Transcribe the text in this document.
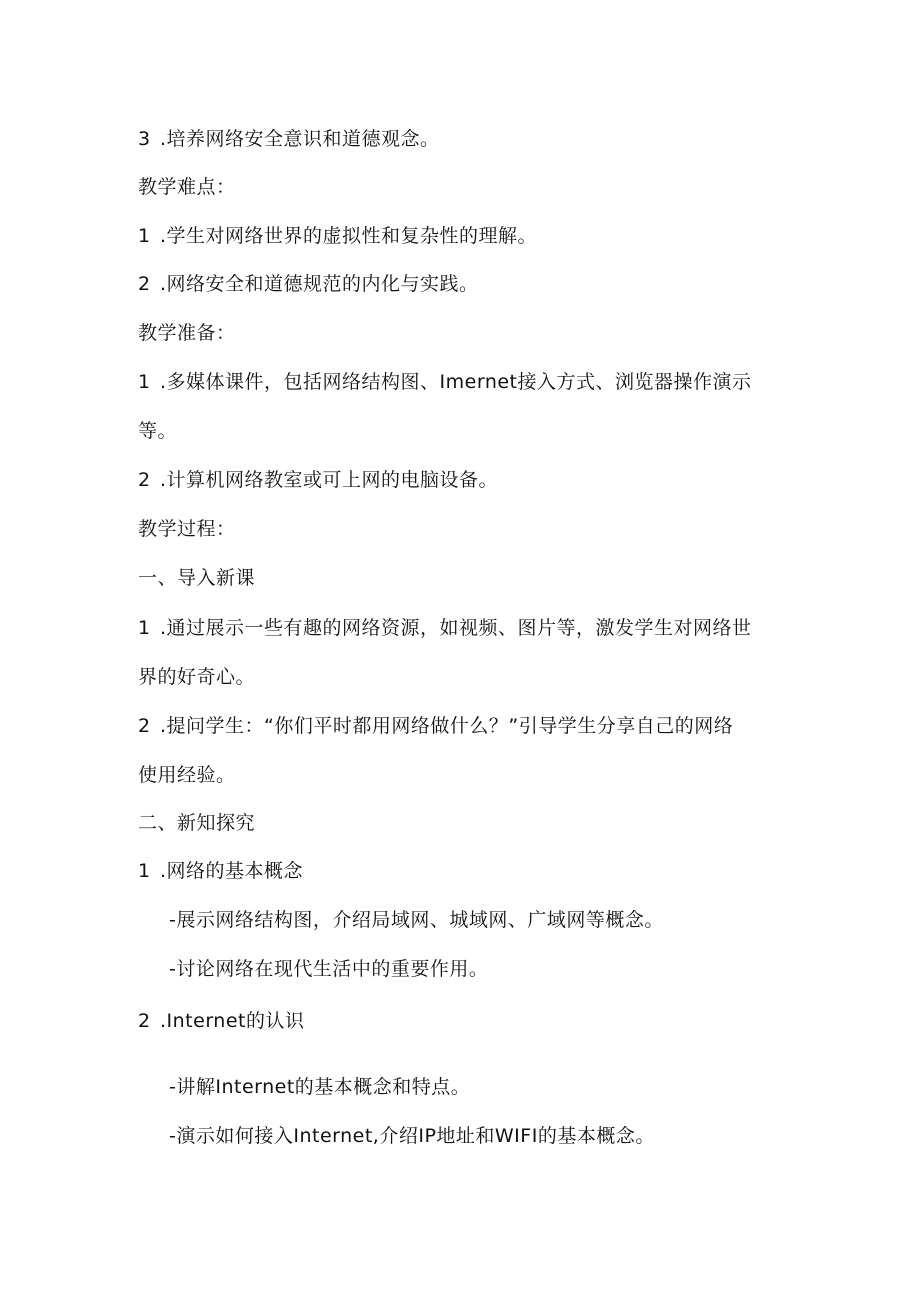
3 .培养网络安全意识和道德观念。
教学难点：
1 .学生对网络世界的虚拟性和复杂性的理解。
2 .网络安全和道德规范的内化与实践。
教学准备：
1 .多媒体课件，包括网络结构图、Imernet接入方式、浏览器操作演示
等。
2 .计算机网络教室或可上网的电脑设备。
教学过程：
一、导入新课
1 .通过展示一些有趣的网络资源，如视频、图片等，激发学生对网络世
界的好奇心。
2 .提问学生：“你们平时都用网络做什么？”引导学生分享自己的网络
使用经验。
二、新知探究
1 .网络的基本概念
-展示网络结构图，介绍局域网、城域网、广域网等概念。
-讨论网络在现代生活中的重要作用。
2 .Internet的认识
-讲解Internet的基本概念和特点。
-演示如何接入Internet,介绍IP地址和WIFI的基本概念。
